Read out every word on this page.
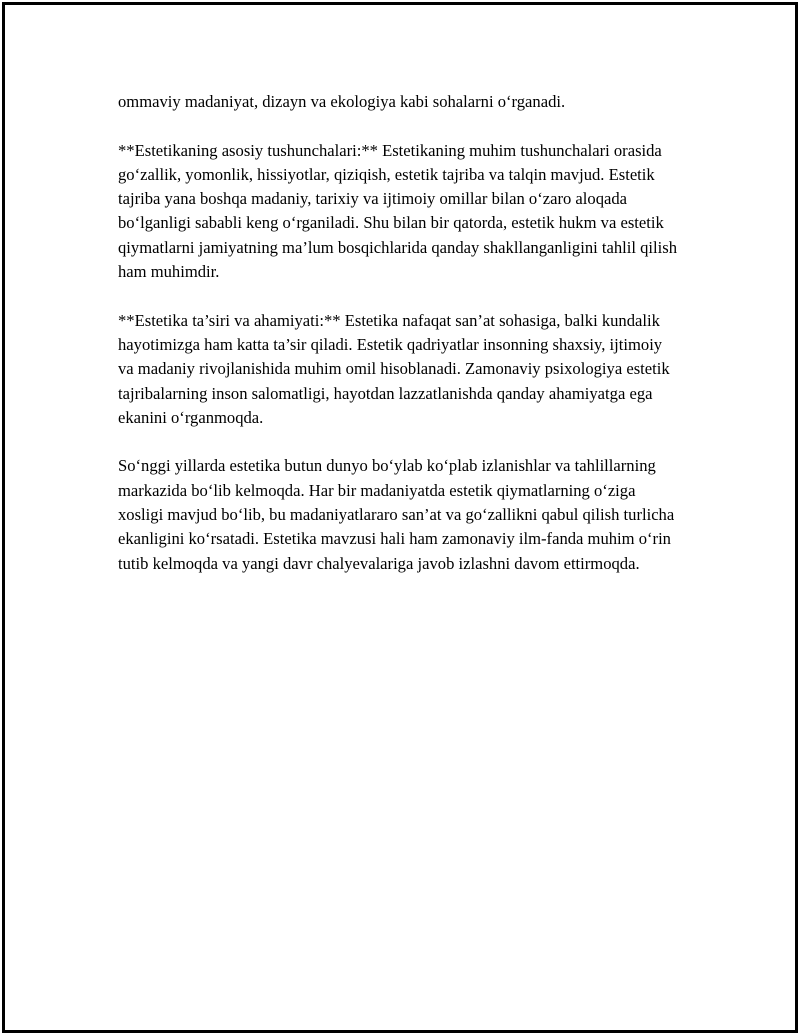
ommaviy madaniyat, dizayn va ekologiya kabi sohalarni o‘rganadi.

**Estetikaning asosiy tushunchalari:** Estetikaning muhim tushunchalari orasida go‘zallik, yomonlik, hissiyotlar, qiziqish, estetik tajriba va talqin mavjud. Estetik tajriba yana boshqa madaniy, tarixiy va ijtimoiy omillar bilan o‘zaro aloqada bo‘lganligi sababli keng o‘rganiladi. Shu bilan bir qatorda, estetik hukm va estetik qiymatlarni jamiyatning ma’lum bosqichlarida qanday shakllanganligini tahlil qilish ham muhimdir.

**Estetika ta’siri va ahamiyati:** Estetika nafaqat san’at sohasiga, balki kundalik hayotimizga ham katta ta’sir qiladi. Estetik qadriyatlar insonning shaxsiy, ijtimoiy va madaniy rivojlanishida muhim omil hisoblanadi. Zamonaviy psixologiya estetik tajribalarning inson salomatligi, hayotdan lazzatlanishda qanday ahamiyatga ega ekanini o‘rganmoqda.

So‘nggi yillarda estetika butun dunyo bo‘ylab ko‘plab izlanishlar va tahlillarning markazida bo‘lib kelmoqda. Har bir madaniyatda estetik qiymatlarning o‘ziga xosligi mavjud bo‘lib, bu madaniyatlararo san’at va go‘zallikni qabul qilish turlicha ekanligini ko‘rsatadi. Estetika mavzusi hali ham zamonaviy ilm-fanda muhim o‘rin tutib kelmoqda va yangi davr chalyevalariga javob izlashni davom ettirmoqda.
